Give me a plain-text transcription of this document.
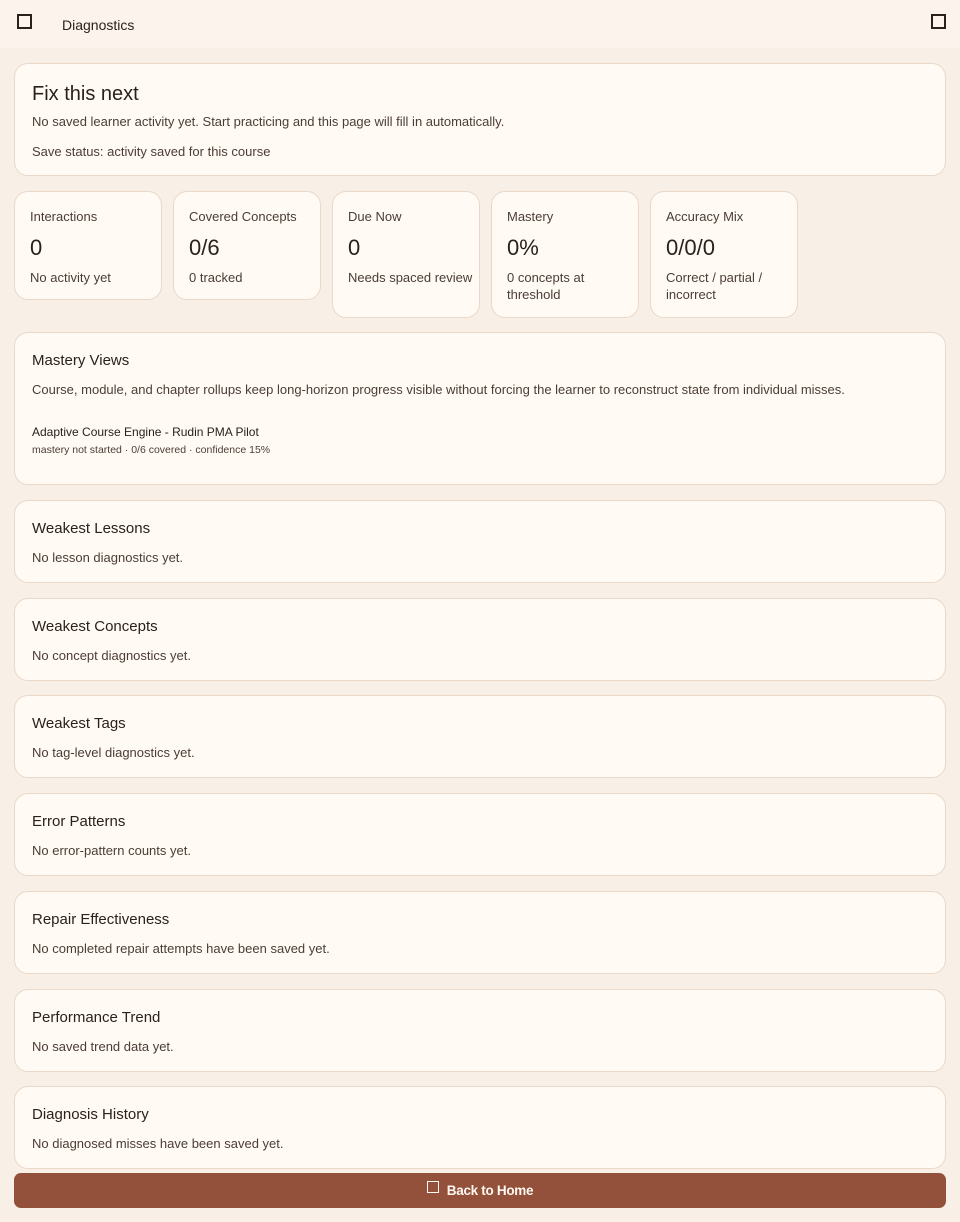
Diagnostics
Fix this next

No saved learner activity yet. Start practicing and this page will fill in automatically.

Save status: activity saved for this course

Interactions
0
No activity yet
Covered Concepts
0/6
0 tracked
Due Now
0
Needs spaced review
Mastery
0%
0 concepts at threshold
Accuracy Mix
0/0/0
Correct / partial / incorrect
Mastery Views
Course, module, and chapter rollups keep long-horizon progress visible without forcing the learner to reconstruct state from individual misses.
Adaptive Course Engine - Rudin PMA Pilot
mastery not started · 0/6 covered · confidence 15%
Weakest Lessons

No lesson diagnostics yet.

Weakest Concepts

No concept diagnostics yet.

Weakest Tags

No tag-level diagnostics yet.

Error Patterns

No error-pattern counts yet.

Repair Effectiveness

No completed repair attempts have been saved yet.

Performance Trend

No saved trend data yet.

Diagnosis History

No diagnosed misses have been saved yet.

Back to Home
